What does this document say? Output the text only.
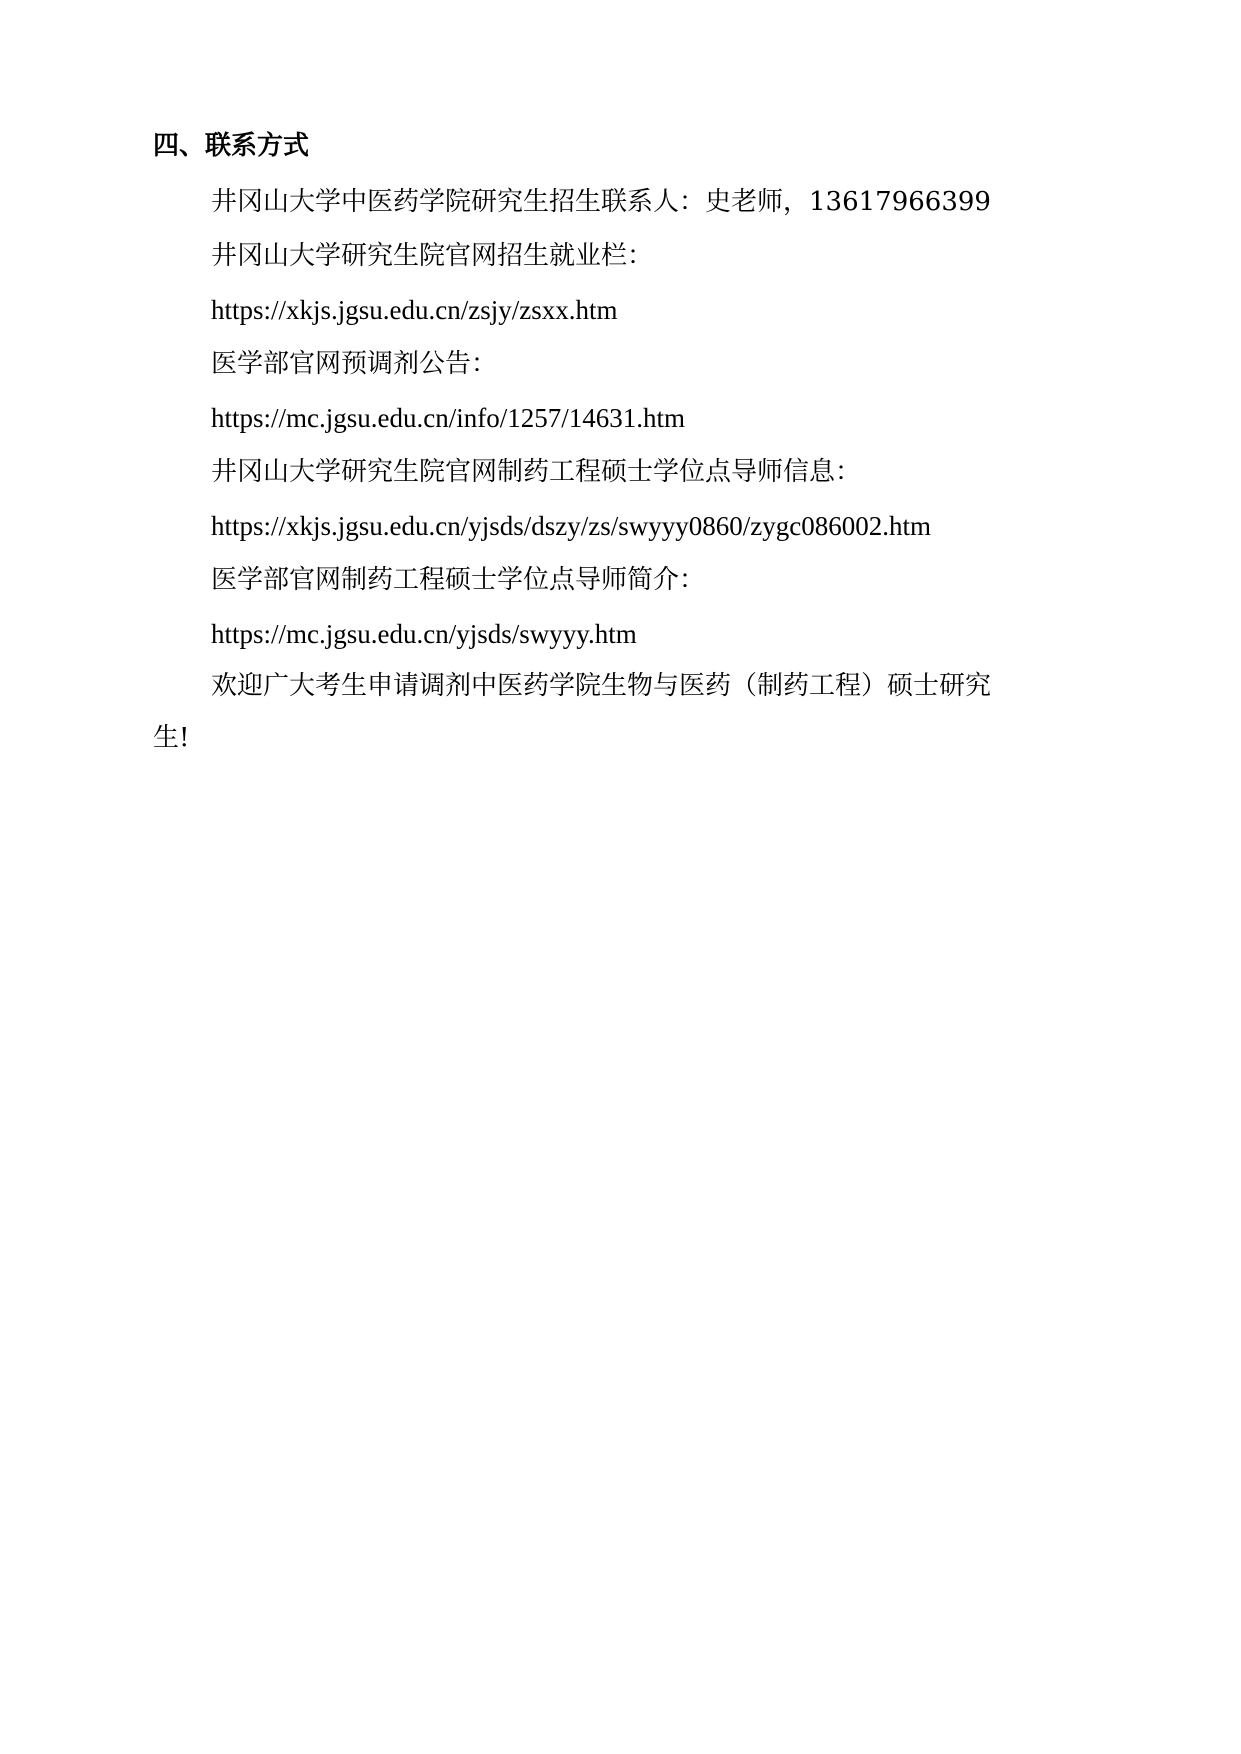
四、联系方式
井冈山大学中医药学院研究生招生联系人：史老师，13617966399
井冈山大学研究生院官网招生就业栏：
https://xkjs.jgsu.edu.cn/zsjy/zsxx.htm
医学部官网预调剂公告：
https://mc.jgsu.edu.cn/info/1257/14631.htm
井冈山大学研究生院官网制药工程硕士学位点导师信息：
https://xkjs.jgsu.edu.cn/yjsds/dszy/zs/swyyy0860/zygc086002.htm
医学部官网制药工程硕士学位点导师简介：
https://mc.jgsu.edu.cn/yjsds/swyyy.htm
欢迎广大考生申请调剂中医药学院生物与医药（制药工程）硕士研究
生!
